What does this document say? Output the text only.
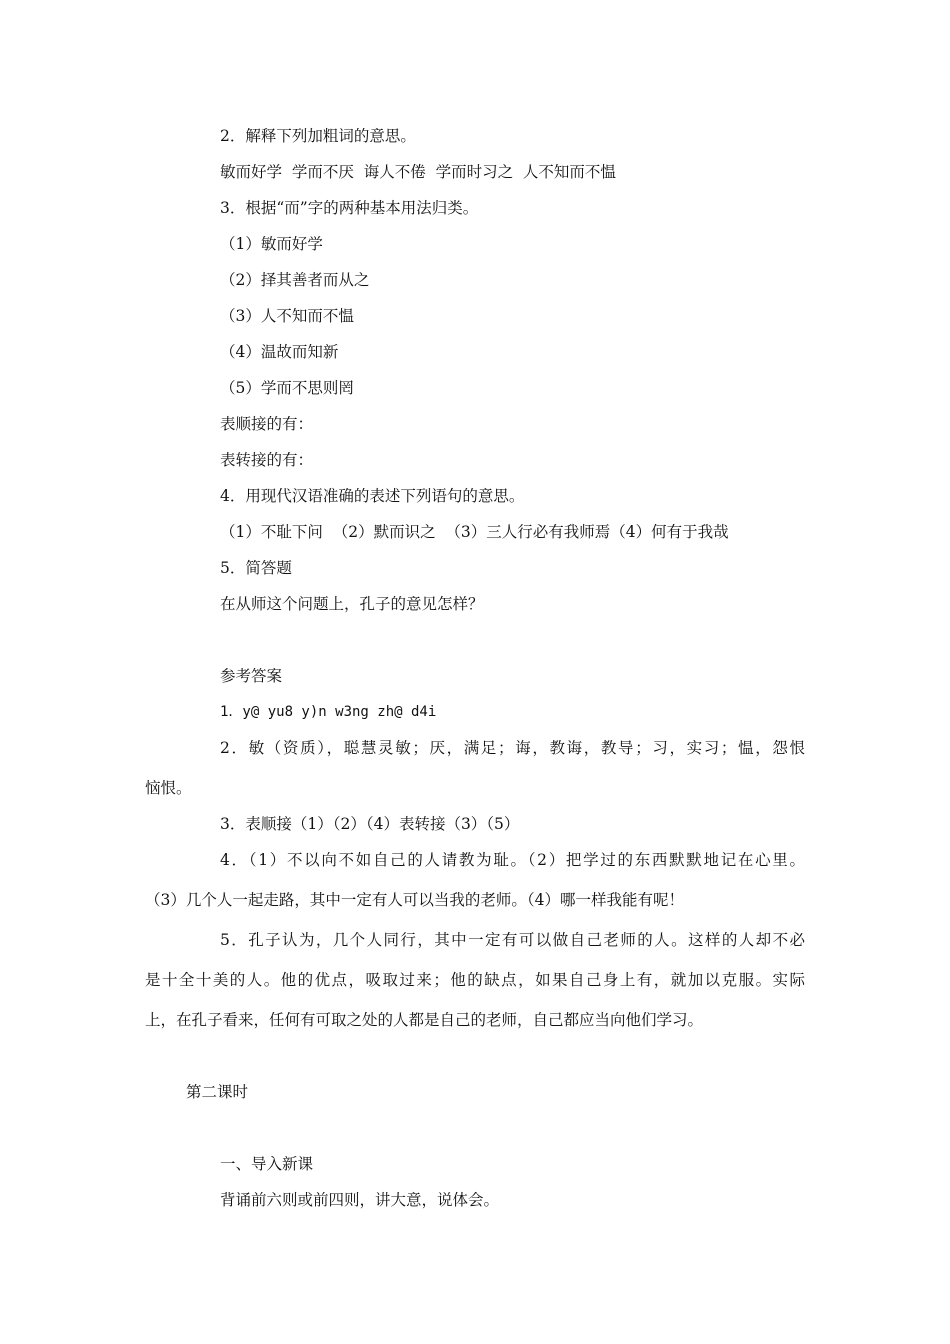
2．解释下列加粗词的意思。
敏而好学  学而不厌  诲人不倦  学而时习之  人不知而不愠
3．根据“而”字的两种基本用法归类。
（1）敏而好学
（2）择其善者而从之
（3）人不知而不愠
（4）温故而知新
（5）学而不思则罔
表顺接的有：
表转接的有：
4．用现代汉语准确的表述下列语句的意思。
（1）不耻下问  （2）默而识之  （3）三人行必有我师焉（4）何有于我哉
5．简答题
在从师这个问题上，孔子的意见怎样？
参考答案
1．y@ yu8 y)n w3ng zh@ d4i
2．敏（资质），聪慧灵敏；厌，满足；诲，教诲，教导；习，实习；愠，怨恨
恼恨。
3．表顺接（1）（2）（4）表转接（3）（5）
4．（1）不以向不如自己的人请教为耻。（2）把学过的东西默默地记在心里。
（3）几个人一起走路，其中一定有人可以当我的老师。（4）哪一样我能有呢！
5．孔子认为，几个人同行，其中一定有可以做自己老师的人。这样的人却不必
是十全十美的人。他的优点，吸取过来；他的缺点，如果自己身上有，就加以克服。实际
上，在孔子看来，任何有可取之处的人都是自己的老师，自己都应当向他们学习。
第二课时
一、导入新课
背诵前六则或前四则，讲大意，说体会。
